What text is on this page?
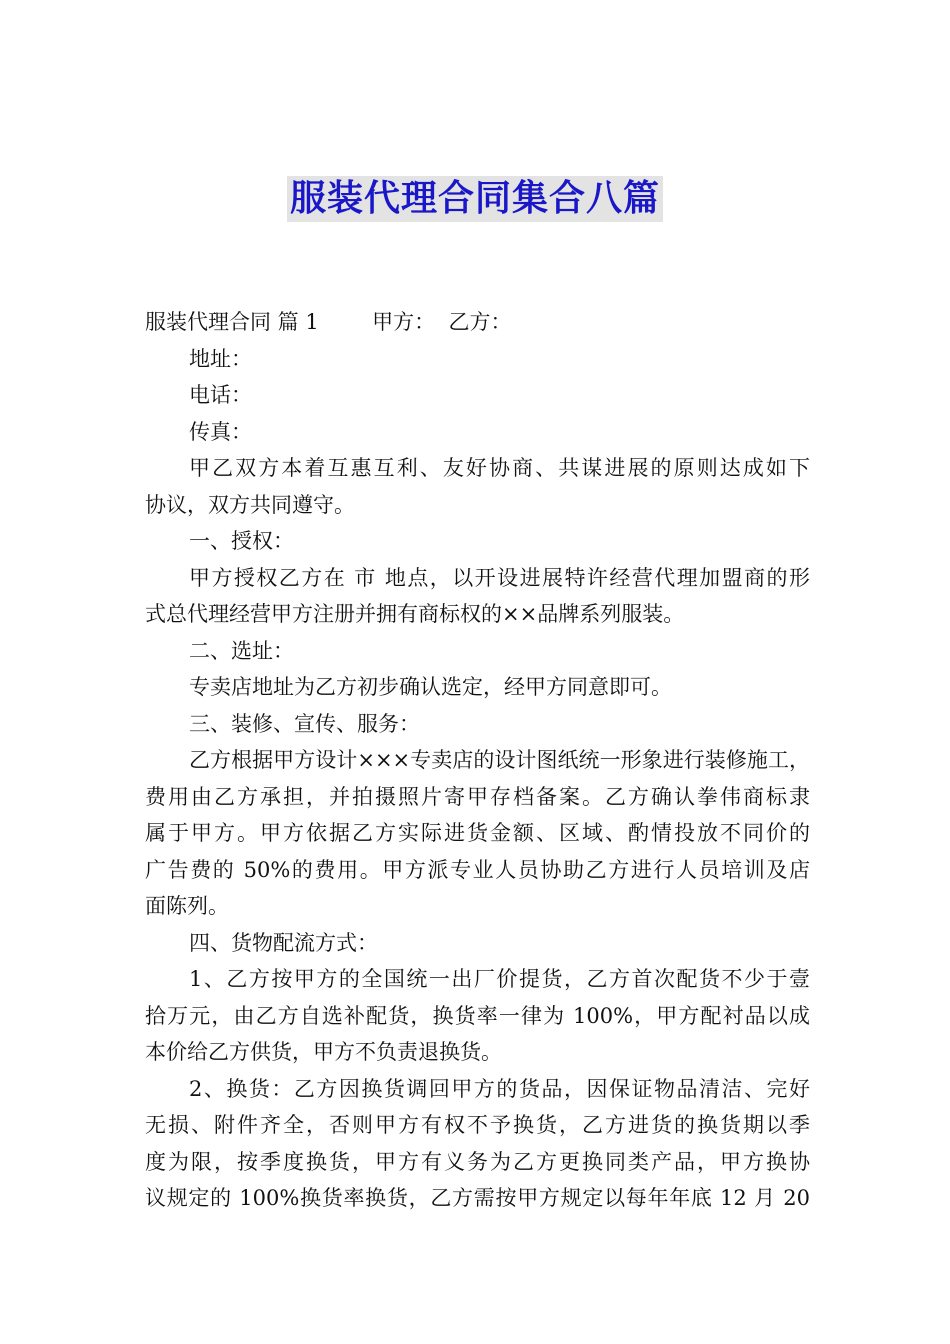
服装代理合同集合八篇
服装代理合同 篇 1        甲方：  乙方：
地址：
电话：
传真：
甲乙双方本着互惠互利、友好协商、共谋进展的原则达成如下
协议，双方共同遵守。
一、授权：
甲方授权乙方在 市 地点，以开设进展特许经营代理加盟商的形
式总代理经营甲方注册并拥有商标权的××品牌系列服装。
二、选址：
专卖店地址为乙方初步确认选定，经甲方同意即可。
三、装修、宣传、服务：
乙方根据甲方设计×××专卖店的设计图纸统一形象进行装修施工，
费用由乙方承担，并拍摄照片寄甲存档备案。乙方确认拳伟商标隶
属于甲方。甲方依据乙方实际进货金额、区域、酌情投放不同价的
广告费的 50%的费用。甲方派专业人员协助乙方进行人员培训及店
面陈列。
四、货物配流方式：
1、乙方按甲方的全国统一出厂价提货，乙方首次配货不少于壹
拾万元，由乙方自选补配货，换货率一律为 100%，甲方配衬品以成
本价给乙方供货，甲方不负责退换货。
2、换货：乙方因换货调回甲方的货品，因保证物品清洁、完好
无损、附件齐全，否则甲方有权不予换货，乙方进货的换货期以季
度为限，按季度换货，甲方有义务为乙方更换同类产品，甲方换协
议规定的 100%换货率换货，乙方需按甲方规定以每年年底 12 月 20
